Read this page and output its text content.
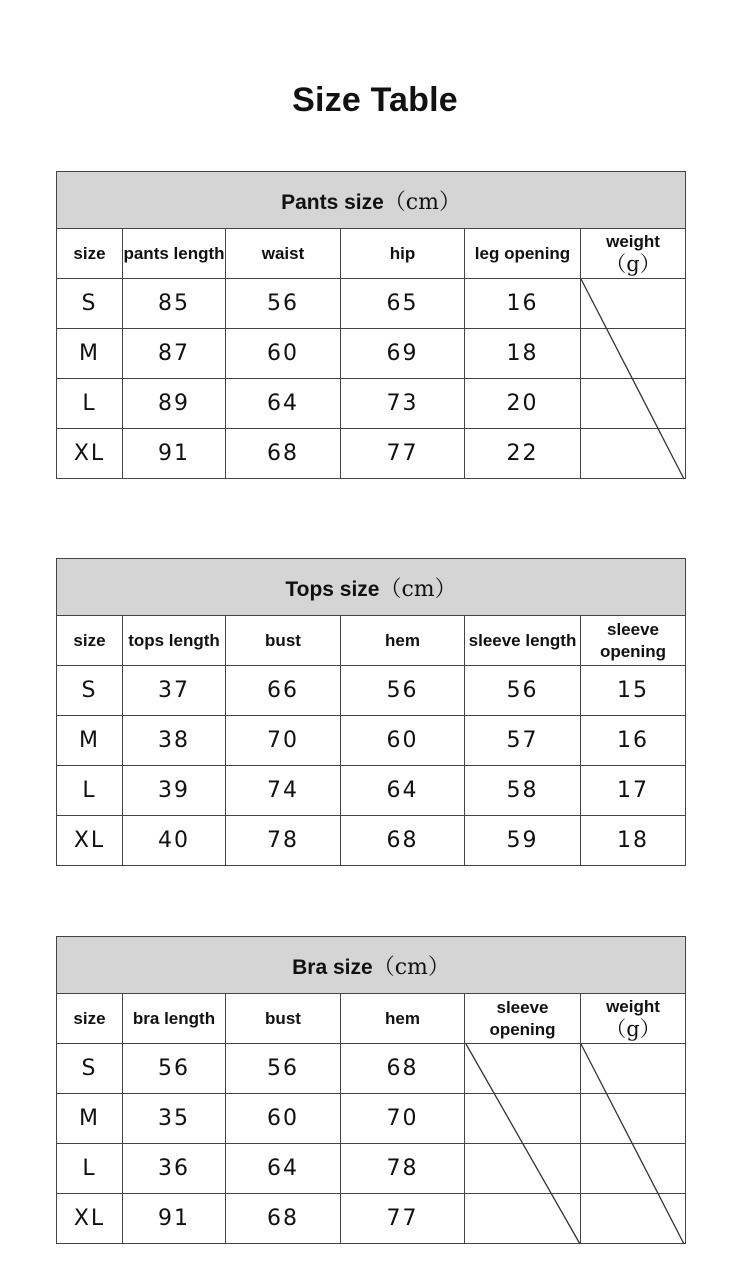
Size Table
Pants size（cm）					
size	pants length	waist	hip	leg opening	weight（g）
S	85	56	65	16	
M	87	60	69	18	
L	89	64	73	20	
XL	91	68	77	22	
Tops size（cm）					
size	tops length	bust	hem	sleeve length	sleeve opening
S	37	66	56	56	15
M	38	70	60	57	16
L	39	74	64	58	17
XL	40	78	68	59	18
Bra size（cm）					
size	bra length	bust	hem	sleeve opening	weight（g）
S	56	56	68		
M	35	60	70		
L	36	64	78		
XL	91	68	77		
